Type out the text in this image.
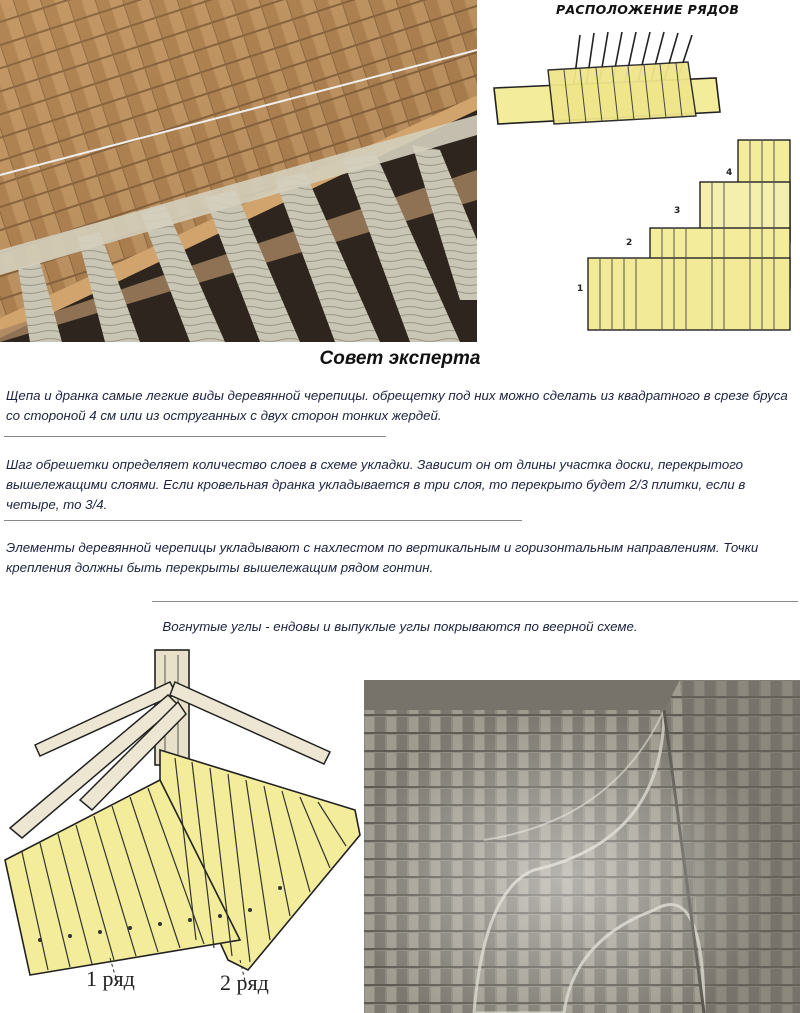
РАСПОЛОЖЕНИЕ РЯДОВ

1
2
3
4
Совет эксперта

Щепа и дранка самые легкие виды деревянной черепицы. обрещетку под них можно сделать из квадратного в срезе бруса со стороной 4 см или из оструганных с двух сторон тонких жердей.

Шаг обрешетки определяет количество слоев в схеме укладки. Зависит он от длины участка доски, перекрытого вышележащими слоями. Если кровельная дранка укладывается в три слоя, то перекрыто будет 2/3 плитки, если в четыре, то 3/4.

Элементы деревянной черепицы укладывают с нахлестом по вертикальным и горизонтальным направлениям. Точки крепления должны быть перекрыты вышележащим рядом гонтин.

Вогнутые углы - ендовы и выпуклые углы покрываются по веерной схеме.

1 ряд	2 ряд
